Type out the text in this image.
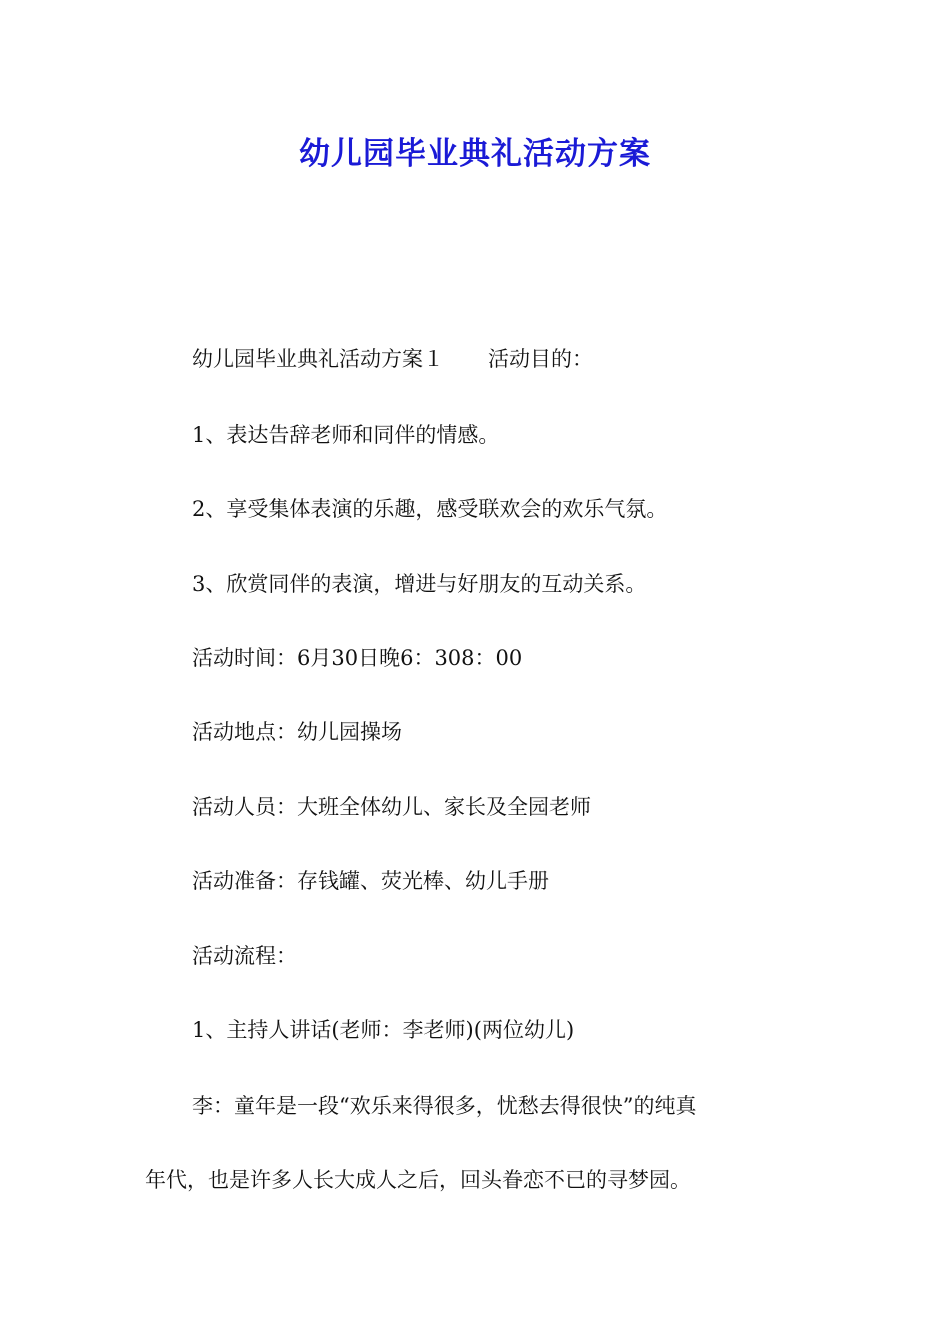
幼儿园毕业典礼活动方案
幼儿园毕业典礼活动方案１ 活动目的：
1、表达告辞老师和同伴的情感。
2、享受集体表演的乐趣，感受联欢会的欢乐气氛。
3、欣赏同伴的表演，增进与好朋友的互动关系。
活动时间：6月30日晚6：308：00
活动地点：幼儿园操场
活动人员：大班全体幼儿、家长及全园老师
活动准备：存钱罐、荧光棒、幼儿手册
活动流程：
1、主持人讲话(老师：李老师)(两位幼儿)
李：童年是一段“欢乐来得很多，忧愁去得很快”的纯真
年代，也是许多人长大成人之后，回头眷恋不已的寻梦园。
